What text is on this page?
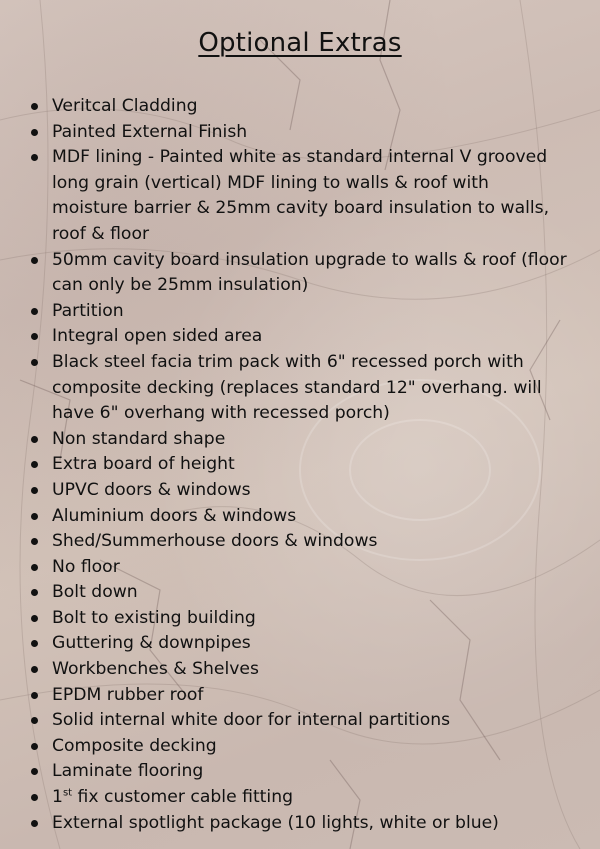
Optional Extras
Veritcal Cladding
Painted External Finish
MDF lining - Painted white as standard internal V grooved long grain (vertical) MDF lining to walls & roof with moisture barrier & 25mm cavity board insulation to walls, roof & floor
50mm cavity board insulation upgrade to walls & roof (floor can only be 25mm insulation)
Partition
Integral open sided area
Black steel facia trim pack with 6" recessed porch with composite decking (replaces standard 12" overhang. will have 6" overhang with recessed porch)
Non standard shape
Extra board of height
UPVC doors & windows
Aluminium doors & windows
Shed/Summerhouse doors & windows
No floor
Bolt down
Bolt to existing building
Guttering & downpipes
Workbenches & Shelves
EPDM rubber roof
Solid internal white door for internal partitions
Composite decking
Laminate flooring
1st fix customer cable fitting
External spotlight package (10 lights, white or blue)
